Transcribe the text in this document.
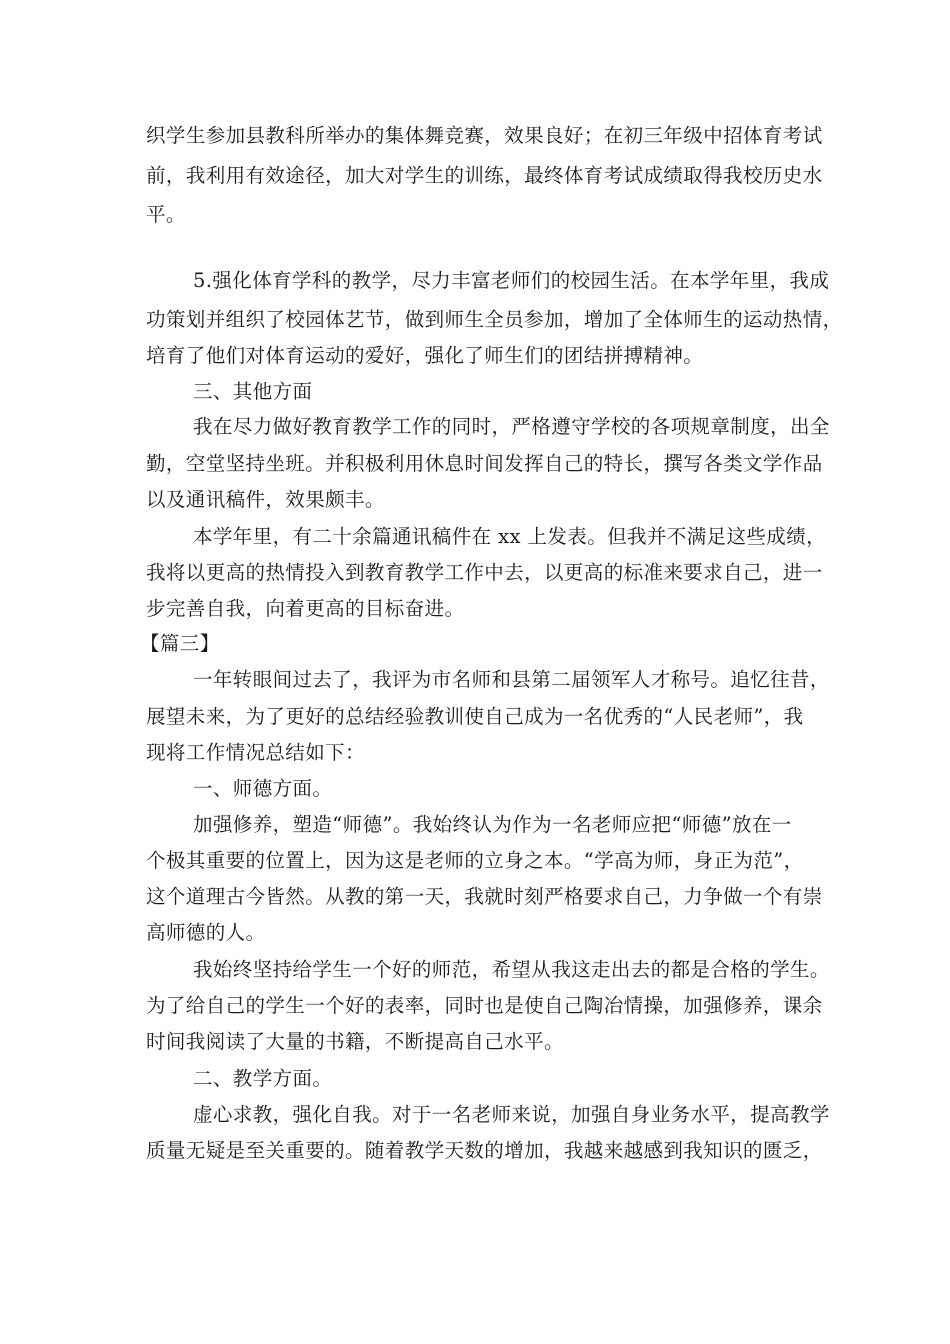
织学生参加县教科所举办的集体舞竞赛，效果良好；在初三年级中招体育考试
前，我利用有效途径，加大对学生的训练，最终体育考试成绩取得我校历史水
平。
5.强化体育学科的教学，尽力丰富老师们的校园生活。在本学年里，我成
功策划并组织了校园体艺节，做到师生全员参加，增加了全体师生的运动热情，
培育了他们对体育运动的爱好，强化了师生们的团结拼搏精神。
三、其他方面
我在尽力做好教育教学工作的同时，严格遵守学校的各项规章制度，出全
勤，空堂坚持坐班。并积极利用休息时间发挥自己的特长，撰写各类文学作品
以及通讯稿件，效果颇丰。
本学年里，有二十余篇通讯稿件在 xx 上发表。但我并不满足这些成绩，
我将以更高的热情投入到教育教学工作中去，以更高的标准来要求自己，进一
步完善自我，向着更高的目标奋进。
【篇三】
一年转眼间过去了，我评为市名师和县第二届领军人才称号。追忆往昔，
展望未来，为了更好的总结经验教训使自己成为一名优秀的“人民老师”，我
现将工作情况总结如下：
一、师德方面。
加强修养，塑造“师德”。我始终认为作为一名老师应把“师德”放在一
个极其重要的位置上，因为这是老师的立身之本。“学高为师，身正为范”，
这个道理古今皆然。从教的第一天，我就时刻严格要求自己，力争做一个有崇
高师德的人。
我始终坚持给学生一个好的师范，希望从我这走出去的都是合格的学生。
为了给自己的学生一个好的表率，同时也是使自己陶冶情操，加强修养，课余
时间我阅读了大量的书籍，不断提高自己水平。
二、教学方面。
虚心求教，强化自我。对于一名老师来说，加强自身业务水平，提高教学
质量无疑是至关重要的。随着教学天数的增加，我越来越感到我知识的匮乏，
